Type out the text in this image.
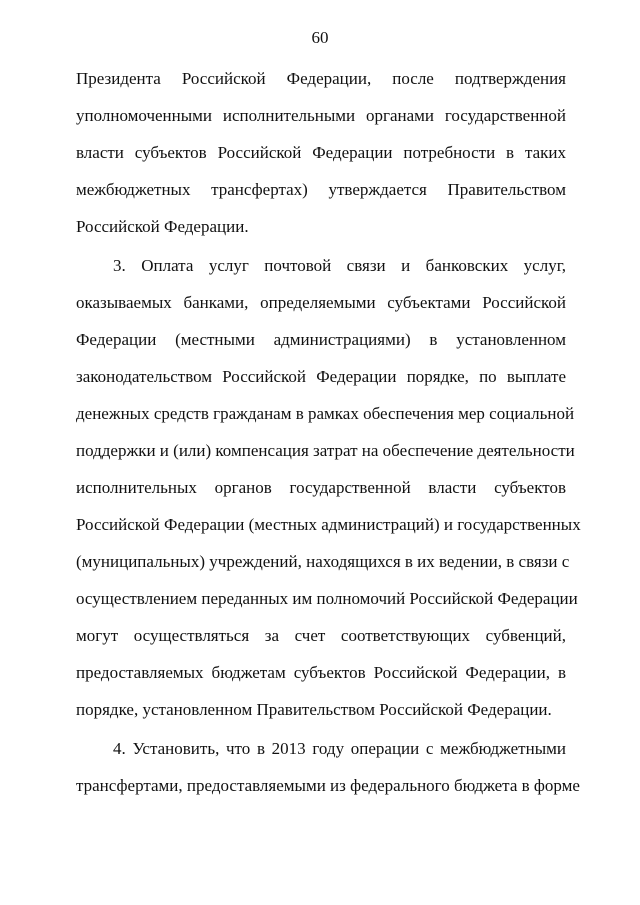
60
Президента Российской Федерации, после подтверждения
уполномоченными исполнительными органами государственной
власти субъектов Российской Федерации потребности в таких
межбюджетных трансфертах) утверждается Правительством
Российской Федерации.
3. Оплата услуг почтовой связи и банковских услуг,
оказываемых банками, определяемыми субъектами Российской
Федерации (местными администрациями) в установленном
законодательством Российской Федерации порядке, по выплате
денежных средств гражданам в рамках обеспечения мер социальной
поддержки и (или) компенсация затрат на обеспечение деятельности
исполнительных органов государственной власти субъектов
Российской Федерации (местных администраций) и государственных
(муниципальных) учреждений, находящихся в их ведении, в связи с
осуществлением переданных им полномочий Российской Федерации
могут осуществляться за счет соответствующих субвенций,
предоставляемых бюджетам субъектов Российской Федерации, в
порядке, установленном Правительством Российской Федерации.
4. Установить, что в 2013 году операции с межбюджетными
трансфертами, предоставляемыми из федерального бюджета в форме
